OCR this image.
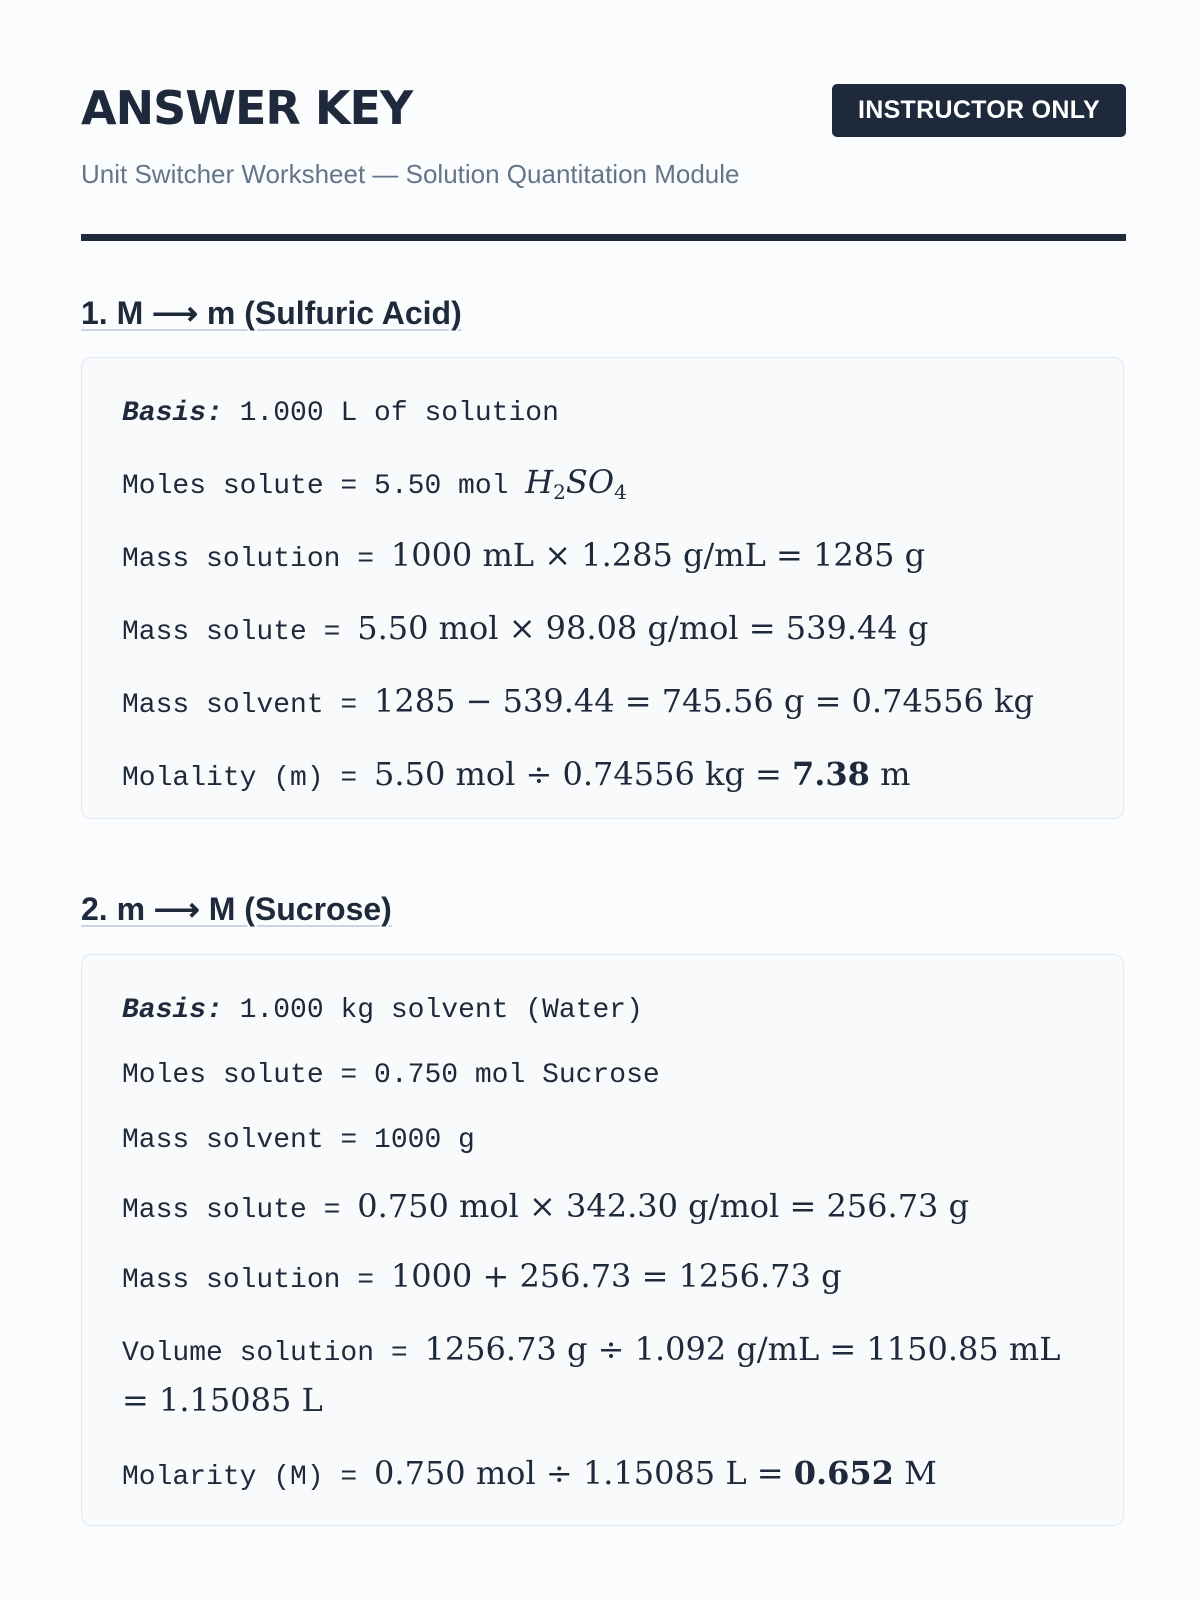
ANSWER KEY	INSTRUCTOR ONLY
Unit Switcher Worksheet — Solution Quantitation Module
1. M ⟶ m (Sulfuric Acid)
Basis: 1.000 L of solution
Moles solute = 5.50 mol $H_2SO_4$
Mass solution = 1000 mL × 1.285 g/mL = 1285 g
Mass solute = 5.50 mol × 98.08 g/mol = 539.44 g
Mass solvent = 1285 − 539.44 = 745.56 g = 0.74556 kg
Molality (m) = 5.50 mol ÷ 0.74556 kg = 7.38 m
2. m ⟶ M (Sucrose)
Basis: 1.000 kg solvent (Water)
Moles solute = 0.750 mol Sucrose
Mass solvent = 1000 g
Mass solute = 0.750 mol × 342.30 g/mol = 256.73 g
Mass solution = 1000 + 256.73 = 1256.73 g
Volume solution = 1256.73 g ÷ 1.092 g/mL = 1150.85 mL = 1.15085 L
Molarity (M) = 0.750 mol ÷ 1.15085 L = 0.652 M
